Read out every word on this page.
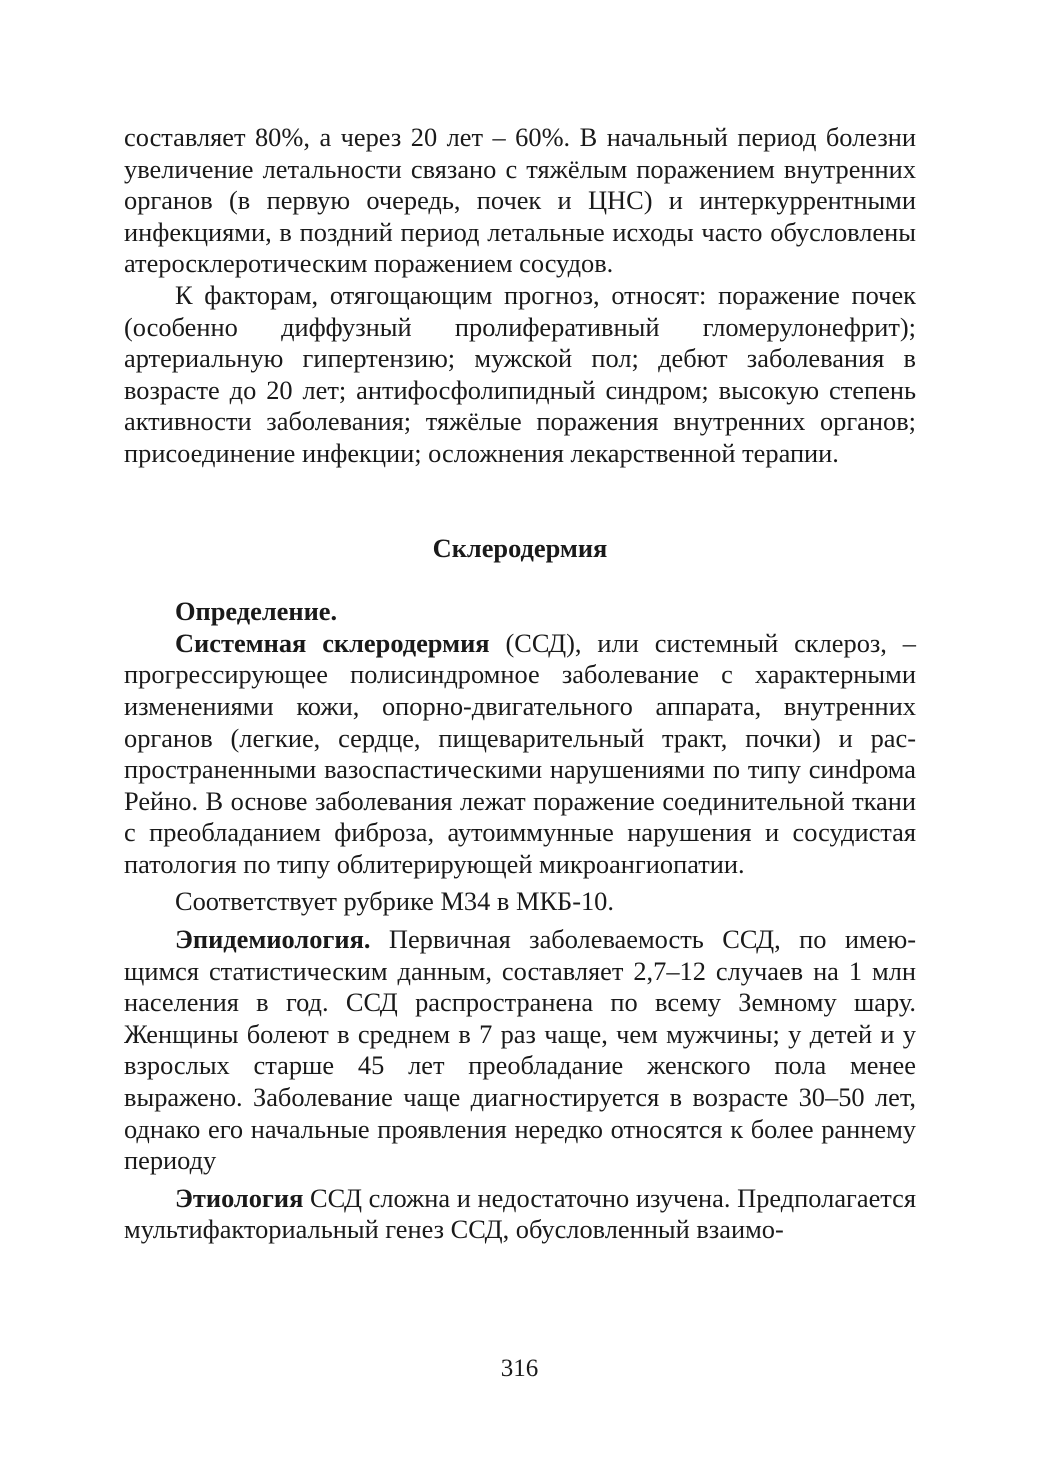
составляет 80%, а через 20 лет – 60%. В начальный период болезни увеличение летальности связано с тяжёлым поражением внутренних органов (в первую очередь, почек и ЦНС) и интеркуррентными инфекциями, в поздний период летальные исходы часто обусловлены атеросклеротическим поражением сосудов.

К факторам, отягощающим прогноз, относят: поражение почек (особенно диффузный пролиферативный гломерулонефрит); артериальную гипертензию; мужской пол; дебют заболевания в возрасте до 20 лет; антифосфолипидный синдром; высокую степень активности заболевания; тяжёлые поражения внутренних органов; присоединение инфекции; осложнения лекарственной терапии.

Склеродермия

Определение.

Системная склеродермия (ССД), или системный склероз, – прогрессирующее полисиндромное заболевание с характерными изменениями кожи, опорно-двигательного аппарата, внутренних органов (легкие, сердце, пищеварительный тракт, почки) и распространенными вазоспастическими нарушениями по типу синdрома Рейно. В основе заболевания лежат поражение соединительной ткани с преобладанием фиброза, аутоиммунные нарушения и сосудистая патология по типу облитерирующей микроангиопатии.

Соответствует рубрике М34 в МКБ-10.

Эпидемиология. Первичная заболеваемость ССД, по имеющимся статистическим данным, составляет 2,7–12 случаев на 1 млн населения в год. ССД распространена по всему Земному шару. Женщины болеют в среднем в 7 раз чаще, чем мужчины; у детей и у взрослых старше 45 лет преобладание женского пола менее выражено. Заболевание чаще диагностируется в возрасте 30–50 лет, однако его начальные проявления нередко относятся к более раннему периоду

Этиология ССД сложна и недостаточно изучена. Предполагается мультифакториальный генез ССД, обусловленный взаимо-

316
